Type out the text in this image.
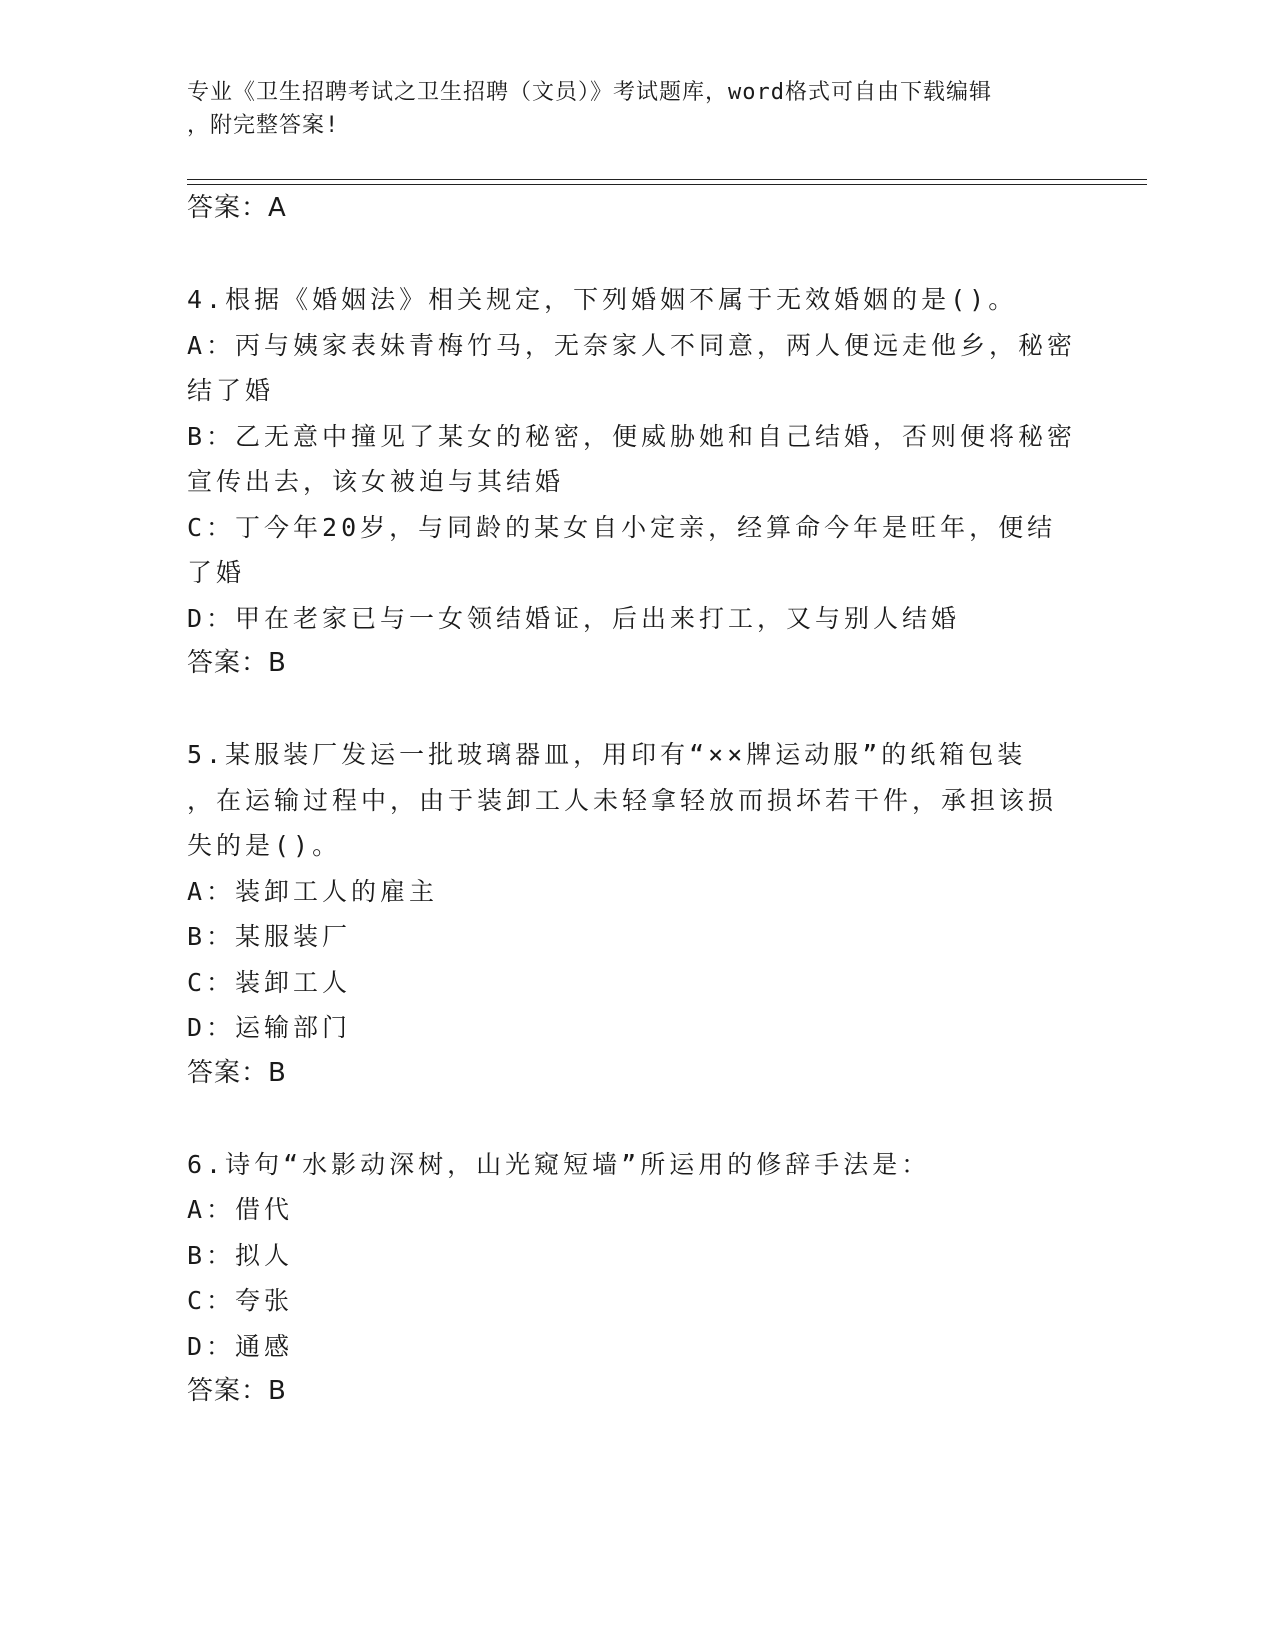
专业《卫生招聘考试之卫生招聘（文员）》考试题库，word格式可自由下载编辑
，附完整答案!
答案：A
4.根据《婚姻法》相关规定，下列婚姻不属于无效婚姻的是()。
A：丙与姨家表妹青梅竹马，无奈家人不同意，两人便远走他乡，秘密
结了婚
B：乙无意中撞见了某女的秘密，便威胁她和自己结婚，否则便将秘密
宣传出去，该女被迫与其结婚
C：丁今年20岁，与同龄的某女自小定亲，经算命今年是旺年，便结
了婚
D：甲在老家已与一女领结婚证，后出来打工，又与别人结婚
答案：B
5.某服装厂发运一批玻璃器皿，用印有“××牌运动服”的纸箱包装
，在运输过程中，由于装卸工人未轻拿轻放而损坏若干件，承担该损
失的是()。
A：装卸工人的雇主
B：某服装厂
C：装卸工人
D：运输部门
答案：B
6.诗句“水影动深树，山光窥短墙”所运用的修辞手法是：
A：借代
B：拟人
C：夸张
D：通感
答案：B
